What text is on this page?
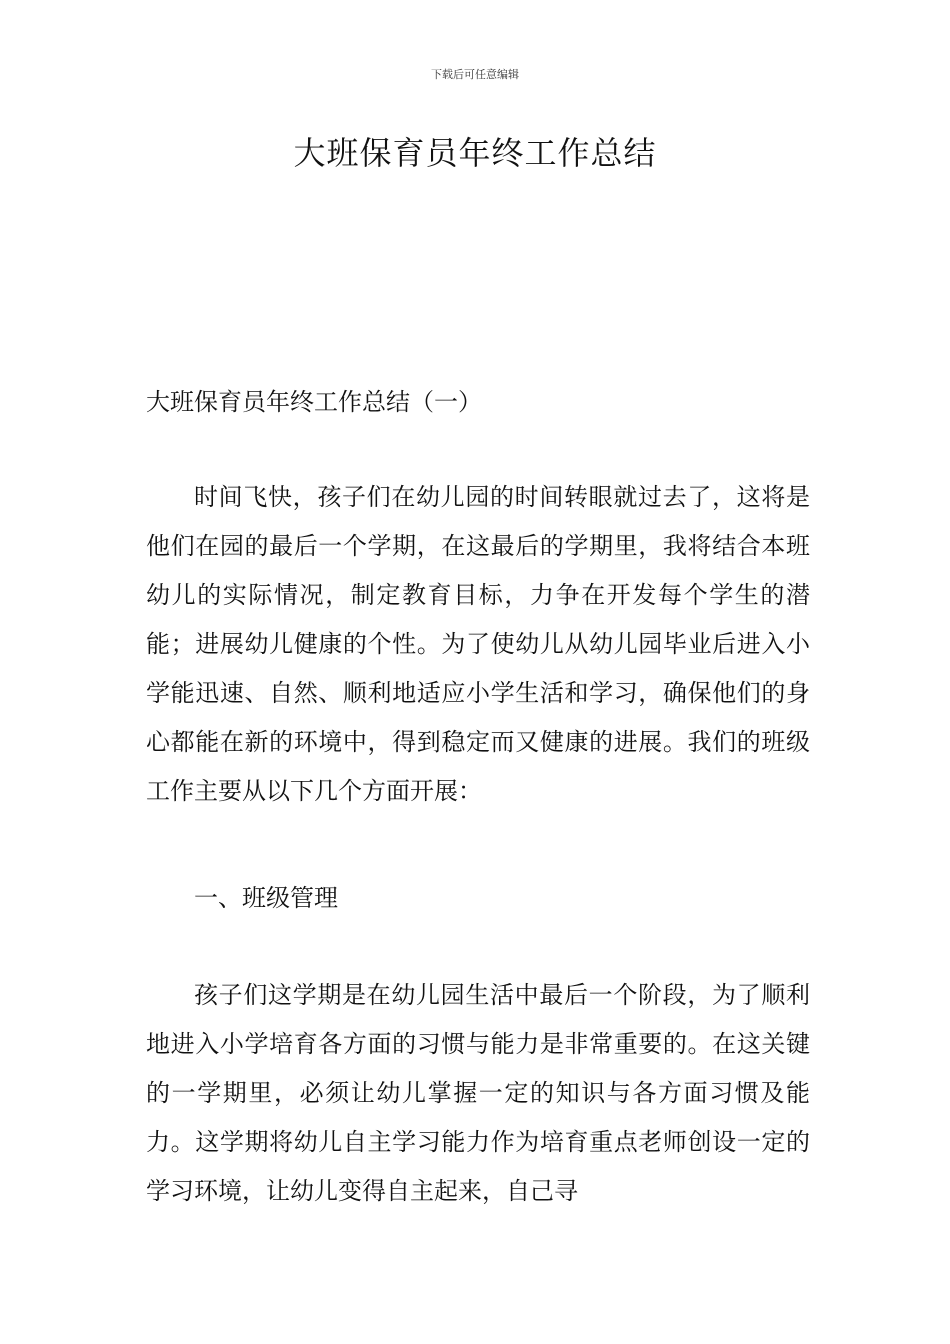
下载后可任意编辑
大班保育员年终工作总结

大班保育员年终工作总结（一）

时间飞快，孩子们在幼儿园的时间转眼就过去了，这将是他们在园的最后一个学期，在这最后的学期里，我将结合本班幼儿的实际情况，制定教育目标，力争在开发每个学生的潜能；进展幼儿健康的个性。为了使幼儿从幼儿园毕业后进入小学能迅速、自然、顺利地适应小学生活和学习，确保他们的身心都能在新的环境中，得到稳定而又健康的进展。我们的班级工作主要从以下几个方面开展：

一、班级管理

孩子们这学期是在幼儿园生活中最后一个阶段，为了顺利地进入小学培育各方面的习惯与能力是非常重要的。在这关键的一学期里，必须让幼儿掌握一定的知识与各方面习惯及能力。这学期将幼儿自主学习能力作为培育重点老师创设一定的学习环境，让幼儿变得自主起来，自己寻
